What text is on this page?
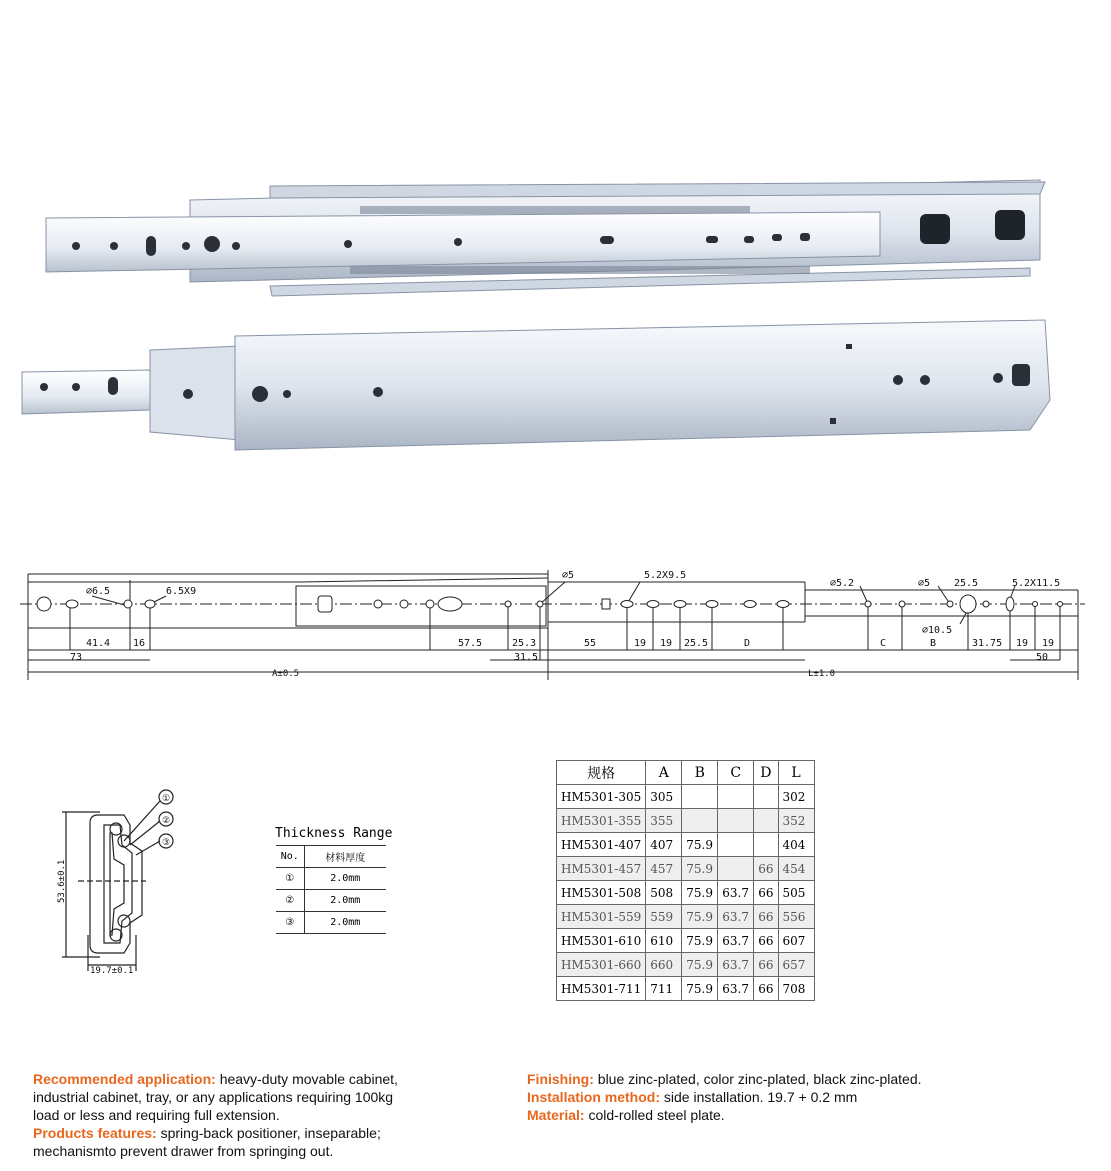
⌀6.5	6.5X9
⌀5	5.2X9.5
⌀5.2	⌀5 25.5	5.2X11.5
⌀10.5
41.4 16
73
57.5	25.3
31.5
55	19 19 25.5	D	C	B	31.75 19 19
50
A±0.5	L±1.0
①
②
③
19.7±0.1
53.6±0.1
Thickness Range
No.	材料厚度
①	2.0mm
②	2.0mm
③	2.0mm
规格	A	B	C	D	L
HM5301-305	305				302
HM5301-355	355				352
HM5301-407	407	75.9			404
HM5301-457	457	75.9		66	454
HM5301-508	508	75.9	63.7	66	505
HM5301-559	559	75.9	63.7	66	556
HM5301-610	610	75.9	63.7	66	607
HM5301-660	660	75.9	63.7	66	657
HM5301-711	711	75.9	63.7	66	708
Recommended application: heavy-duty movable cabinet,
industrial cabinet, tray, or any applications requiring 100kg
load or less and requiring full extension.
Products features: spring-back positioner, inseparable;
mechanismto prevent drawer from springing out.
Finishing: blue zinc-plated, color zinc-plated, black zinc-plated.
Installation method: side installation. 19.7 + 0.2 mm
Material: cold-rolled steel plate.
